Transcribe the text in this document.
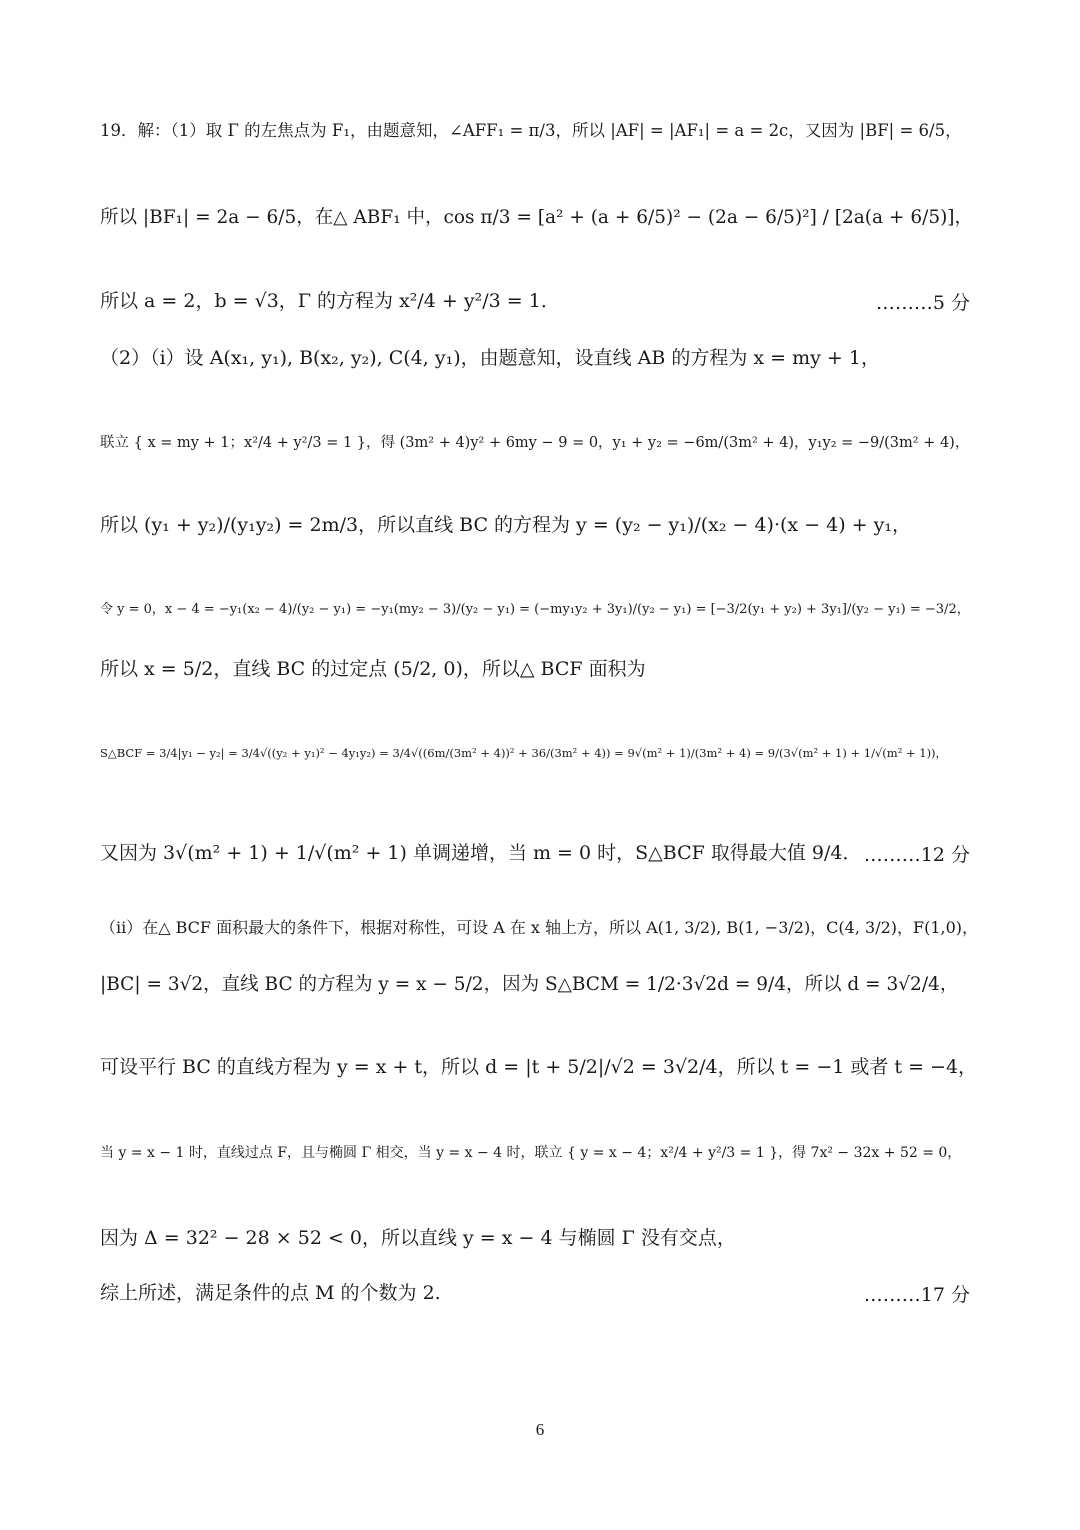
19．解：（1）取 Γ 的左焦点为 F₁，由题意知，∠AFF₁ = π/3，所以 |AF| = |AF₁| = a = 2c，又因为 |BF| = 6/5，
所以 |BF₁| = 2a − 6/5，在△ ABF₁ 中，cos π/3 = [a² + (a + 6/5)² − (2a − 6/5)²] / [2a(a + 6/5)]，
所以 a = 2，b = √3，Γ 的方程为 x²/4 + y²/3 = 1．	………5 分
（2）（i）设 A(x₁, y₁), B(x₂, y₂), C(4, y₁)，由题意知，设直线 AB 的方程为 x = my + 1，
联立 { x = my + 1；x²/4 + y²/3 = 1 }，得 (3m² + 4)y² + 6my − 9 = 0，y₁ + y₂ = −6m/(3m² + 4)，y₁y₂ = −9/(3m² + 4)，
所以 (y₁ + y₂)/(y₁y₂) = 2m/3，所以直线 BC 的方程为 y = (y₂ − y₁)/(x₂ − 4)·(x − 4) + y₁，
令 y = 0，x − 4 = −y₁(x₂ − 4)/(y₂ − y₁) = −y₁(my₂ − 3)/(y₂ − y₁) = (−my₁y₂ + 3y₁)/(y₂ − y₁) = [−3/2(y₁ + y₂) + 3y₁]/(y₂ − y₁) = −3/2，
所以 x = 5/2，直线 BC 的过定点 (5/2, 0)，所以△ BCF 面积为
S△BCF = 3/4|y₁ − y₂| = 3/4√((y₂ + y₁)² − 4y₁y₂) = 3/4√((6m/(3m² + 4))² + 36/(3m² + 4)) = 9√(m² + 1)/(3m² + 4) = 9/(3√(m² + 1) + 1/√(m² + 1))，
又因为 3√(m² + 1) + 1/√(m² + 1) 单调递增，当 m = 0 时，S△BCF 取得最大值 9/4． ………12 分
（ii）在△ BCF 面积最大的条件下，根据对称性，可设 A 在 x 轴上方，所以 A(1, 3/2), B(1, −3/2)，C(4, 3/2)，F(1,0)，
|BC| = 3√2，直线 BC 的方程为 y = x − 5/2，因为 S△BCM = 1/2·3√2d = 9/4，所以 d = 3√2/4，
可设平行 BC 的直线方程为 y = x + t，所以 d = |t + 5/2|/√2 = 3√2/4，所以 t = −1 或者 t = −4，
当 y = x − 1 时，直线过点 F，且与椭圆 Γ 相交，当 y = x − 4 时，联立 { y = x − 4；x²/4 + y²/3 = 1 }，得 7x² − 32x + 52 = 0，
因为 Δ = 32² − 28 × 52 < 0，所以直线 y = x − 4 与椭圆 Γ 没有交点，
综上所述，满足条件的点 M 的个数为 2.	………17 分
6
